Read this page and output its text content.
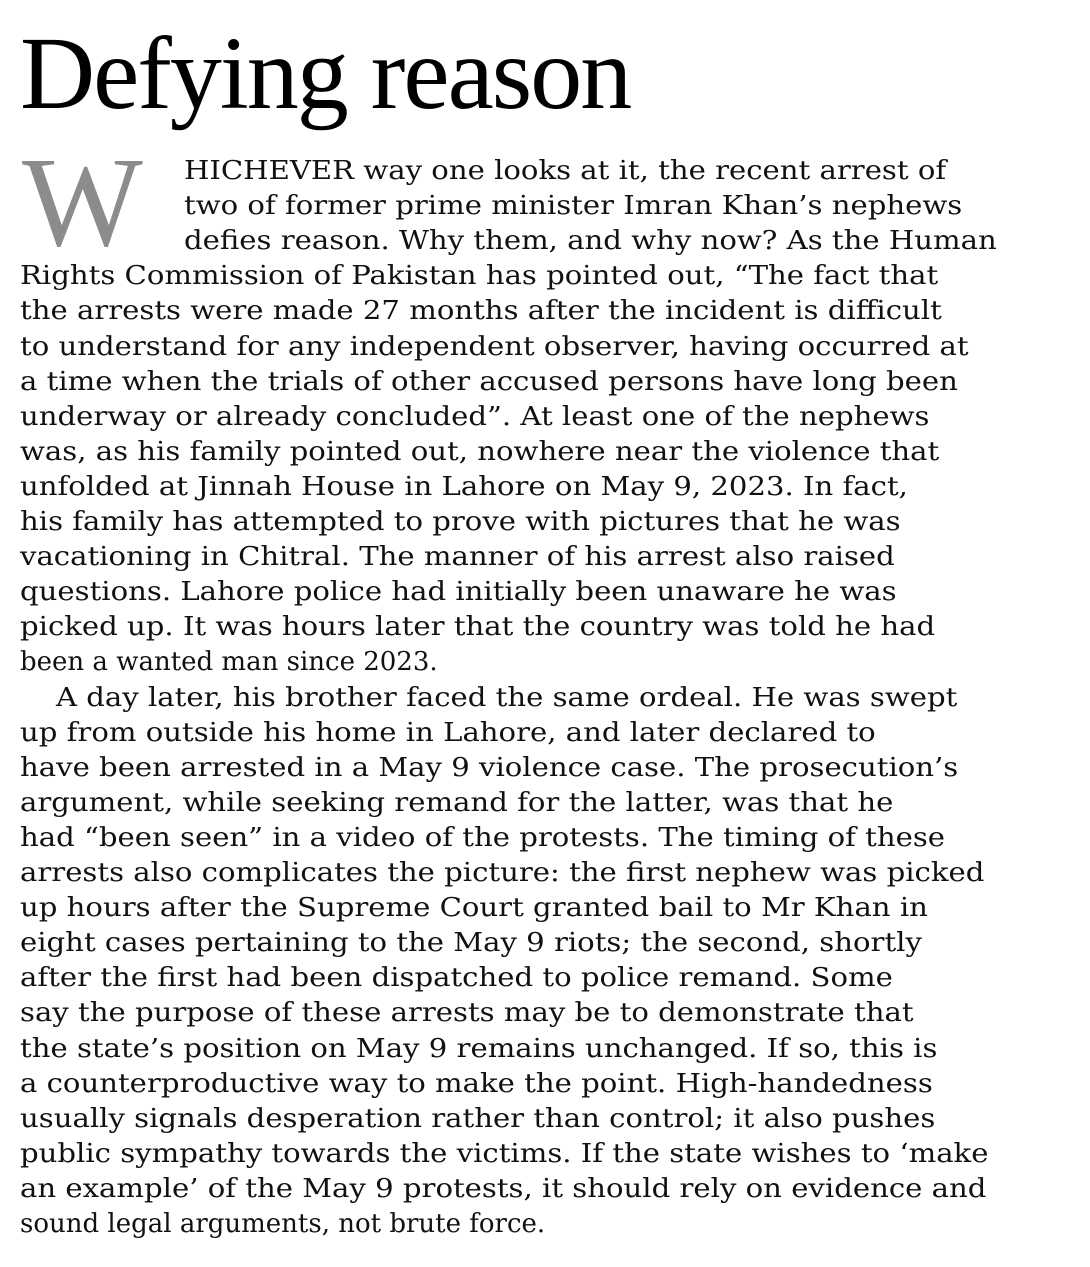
Defying reason
W HICHEVER way one looks at it, the recent arrest of
two of former prime minister Imran Khan’s nephews
defies reason. Why them, and why now? As the Human
Rights Commission of Pakistan has pointed out, “The fact that
the arrests were made 27 months after the incident is difficult
to understand for any independent observer, having occurred at
a time when the trials of other accused persons have long been
underway or already concluded”. At least one of the nephews
was, as his family pointed out, nowhere near the violence that
unfolded at Jinnah House in Lahore on May 9, 2023. In fact,
his family has attempted to prove with pictures that he was
vacationing in Chitral. The manner of his arrest also raised
questions. Lahore police had initially been unaware he was
picked up. It was hours later that the country was told he had
been a wanted man since 2023.
A day later, his brother faced the same ordeal. He was swept
up from outside his home in Lahore, and later declared to
have been arrested in a May 9 violence case. The prosecution’s
argument, while seeking remand for the latter, was that he
had “been seen” in a video of the protests. The timing of these
arrests also complicates the picture: the first nephew was picked
up hours after the Supreme Court granted bail to Mr Khan in
eight cases pertaining to the May 9 riots; the second, shortly
after the first had been dispatched to police remand. Some
say the purpose of these arrests may be to demonstrate that
the state’s position on May 9 remains unchanged. If so, this is
a counterproductive way to make the point. High-handedness
usually signals desperation rather than control; it also pushes
public sympathy towards the victims. If the state wishes to ‘make
an example’ of the May 9 protests, it should rely on evidence and
sound legal arguments, not brute force.
